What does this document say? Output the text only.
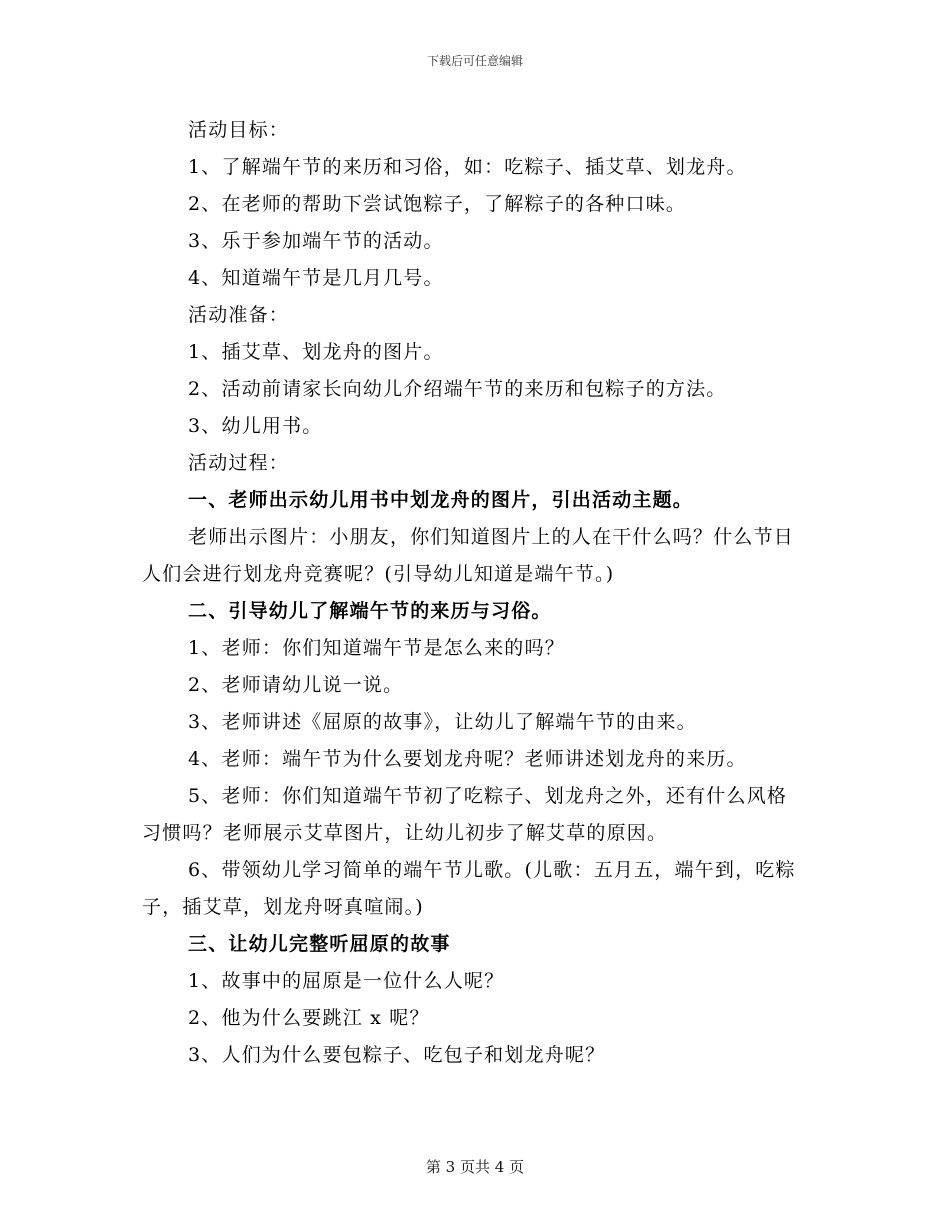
下载后可任意编辑
活动目标：
1、了解端午节的来历和习俗，如：吃粽子、插艾草、划龙舟。
2、在老师的帮助下尝试饱粽子，了解粽子的各种口味。
3、乐于参加端午节的活动。
4、知道端午节是几月几号。
活动准备：
1、插艾草、划龙舟的图片。
2、活动前请家长向幼儿介绍端午节的来历和包粽子的方法。
3、幼儿用书。
活动过程：
一、老师出示幼儿用书中划龙舟的图片，引出活动主题。

老师出示图片：小朋友，你们知道图片上的人在干什么吗？什么节日人们会进行划龙舟竞赛呢？(引导幼儿知道是端午节。)

二、引导幼儿了解端午节的来历与习俗。
1、老师：你们知道端午节是怎么来的吗？
2、老师请幼儿说一说。
3、老师讲述《屈原的故事》，让幼儿了解端午节的由来。
4、老师：端午节为什么要划龙舟呢？老师讲述划龙舟的来历。

5、老师：你们知道端午节初了吃粽子、划龙舟之外，还有什么风格习惯吗？老师展示艾草图片，让幼儿初步了解艾草的原因。

6、带领幼儿学习简单的端午节儿歌。(儿歌：五月五，端午到，吃粽子，插艾草，划龙舟呀真喧闹。)

三、让幼儿完整听屈原的故事
1、故事中的屈原是一位什么人呢？
2、他为什么要跳江 x 呢？
3、人们为什么要包粽子、吃包子和划龙舟呢？
第 3 页共 4 页
